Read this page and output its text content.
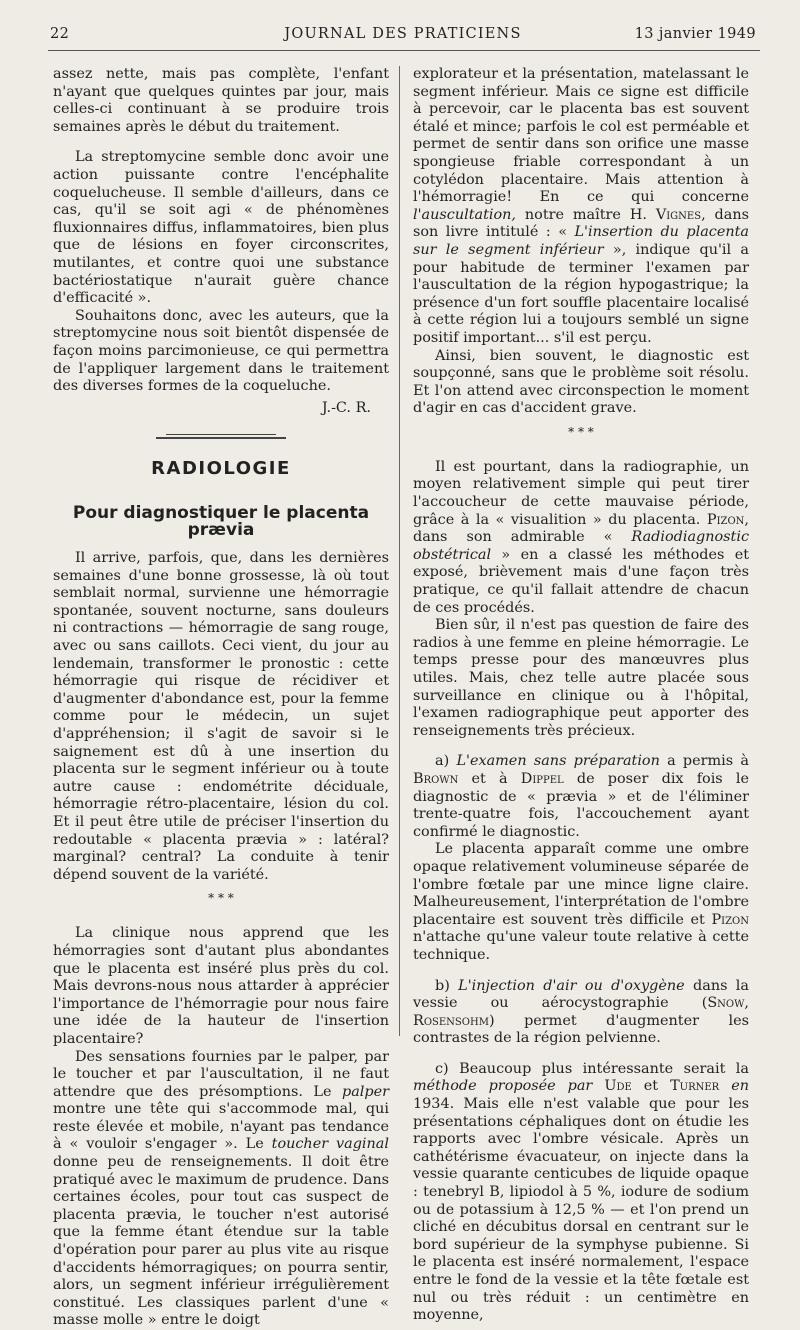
22	JOURNAL DES PRATICIENS	13 janvier 1949

assez nette, mais pas complète, l'enfant n'ayant que quelques quintes par jour, mais celles-ci continuant à se produire trois semaines après le début du traitement.

La streptomycine semble donc avoir une action puissante contre l'encéphalite coquelucheuse. Il semble d'ailleurs, dans ce cas, qu'il se soit agi « de phénomènes fluxionnaires diffus, inflammatoires, bien plus que de lésions en foyer circonscrites, mutilantes, et contre quoi une substance bactériostatique n'aurait guère chance d'efficacité ».

Souhaitons donc, avec les auteurs, que la streptomycine nous soit bientôt dispensée de façon moins parcimonieuse, ce qui permettra de l'appliquer largement dans le traitement des diverses formes de la coqueluche.

J.-C. R.
RADIOLOGIE
Pour diagnostiquer le placenta prævia

Il arrive, parfois, que, dans les dernières semaines d'une bonne grossesse, là où tout semblait normal, survienne une hémorragie spontanée, souvent nocturne, sans douleurs ni contractions — hémorragie de sang rouge, avec ou sans caillots. Ceci vient, du jour au lendemain, transformer le pronostic : cette hémorragie qui risque de récidiver et d'augmenter d'abondance est, pour la femme comme pour le médecin, un sujet d'appréhension; il s'agit de savoir si le saignement est dû à une insertion du placenta sur le segment inférieur ou à toute autre cause : endométrite déciduale, hémorragie rétro-placentaire, lésion du col. Et il peut être utile de préciser l'insertion du redoutable « placenta prævia » : latéral? marginal? central? La conduite à tenir dépend souvent de la variété.

* * *

La clinique nous apprend que les hémorragies sont d'autant plus abondantes que le placenta est inséré plus près du col. Mais devrons-nous nous attarder à apprécier l'importance de l'hémorragie pour nous faire une idée de la hauteur de l'insertion placentaire?

Des sensations fournies par le palper, par le toucher et par l'auscultation, il ne faut attendre que des présomptions. Le palper montre une tête qui s'accommode mal, qui reste élevée et mobile, n'ayant pas tendance à « vouloir s'engager ». Le toucher vaginal donne peu de renseignements. Il doit être pratiqué avec le maximum de prudence. Dans certaines écoles, pour tout cas suspect de placenta prævia, le toucher n'est autorisé que la femme étant étendue sur la table d'opération pour parer au plus vite au risque d'accidents hémorragiques; on pourra sentir, alors, un segment inférieur irrégulièrement constitué. Les classiques parlent d'une « masse molle » entre le doigt

explorateur et la présentation, matelassant le segment inférieur. Mais ce signe est difficile à percevoir, car le placenta bas est souvent étalé et mince; parfois le col est perméable et permet de sentir dans son orifice une masse spongieuse friable correspondant à un cotylédon placentaire. Mais attention à l'hémorragie! En ce qui concerne l'auscultation, notre maître H. Vignes, dans son livre intitulé : « L'insertion du placenta sur le segment inférieur », indique qu'il a pour habitude de terminer l'examen par l'auscultation de la région hypogastrique; la présence d'un fort souffle placentaire localisé à cette région lui a toujours semblé un signe positif important... s'il est perçu.

Ainsi, bien souvent, le diagnostic est soupçonné, sans que le problème soit résolu. Et l'on attend avec circonspection le moment d'agir en cas d'accident grave.

* * *

Il est pourtant, dans la radiographie, un moyen relativement simple qui peut tirer l'accoucheur de cette mauvaise période, grâce à la « visualition » du placenta. Pizon, dans son admirable « Radiodiagnostic obstétrical » en a classé les méthodes et exposé, brièvement mais d'une façon très pratique, ce qu'il fallait attendre de chacun de ces procédés.

Bien sûr, il n'est pas question de faire des radios à une femme en pleine hémorragie. Le temps presse pour des manœuvres plus utiles. Mais, chez telle autre placée sous surveillance en clinique ou à l'hôpital, l'examen radiographique peut apporter des renseignements très précieux.

a) L'examen sans préparation a permis à Brown et à Dippel de poser dix fois le diagnostic de « prævia » et de l'éliminer trente-quatre fois, l'accouchement ayant confirmé le diagnostic.

Le placenta apparaît comme une ombre opaque relativement volumineuse séparée de l'ombre fœtale par une mince ligne claire. Malheureusement, l'interprétation de l'ombre placentaire est souvent très difficile et Pizon n'attache qu'une valeur toute relative à cette technique.

b) L'injection d'air ou d'oxygène dans la vessie ou aérocystographie (Snow, Rosensohm) permet d'augmenter les contrastes de la région pelvienne.

c) Beaucoup plus intéressante serait la méthode proposée par Ude et Turner en 1934. Mais elle n'est valable que pour les présentations céphaliques dont on étudie les rapports avec l'ombre vésicale. Après un cathétérisme évacuateur, on injecte dans la vessie quarante centicubes de liquide opaque : tenebryl B, lipiodol à 5 %, iodure de sodium ou de potassium à 12,5 % — et l'on prend un cliché en décubitus dorsal en centrant sur le bord supérieur de la symphyse pubienne. Si le placenta est inséré normalement, l'espace entre le fond de la vessie et la tête fœtale est nul ou très réduit : un centimètre en moyenne,
